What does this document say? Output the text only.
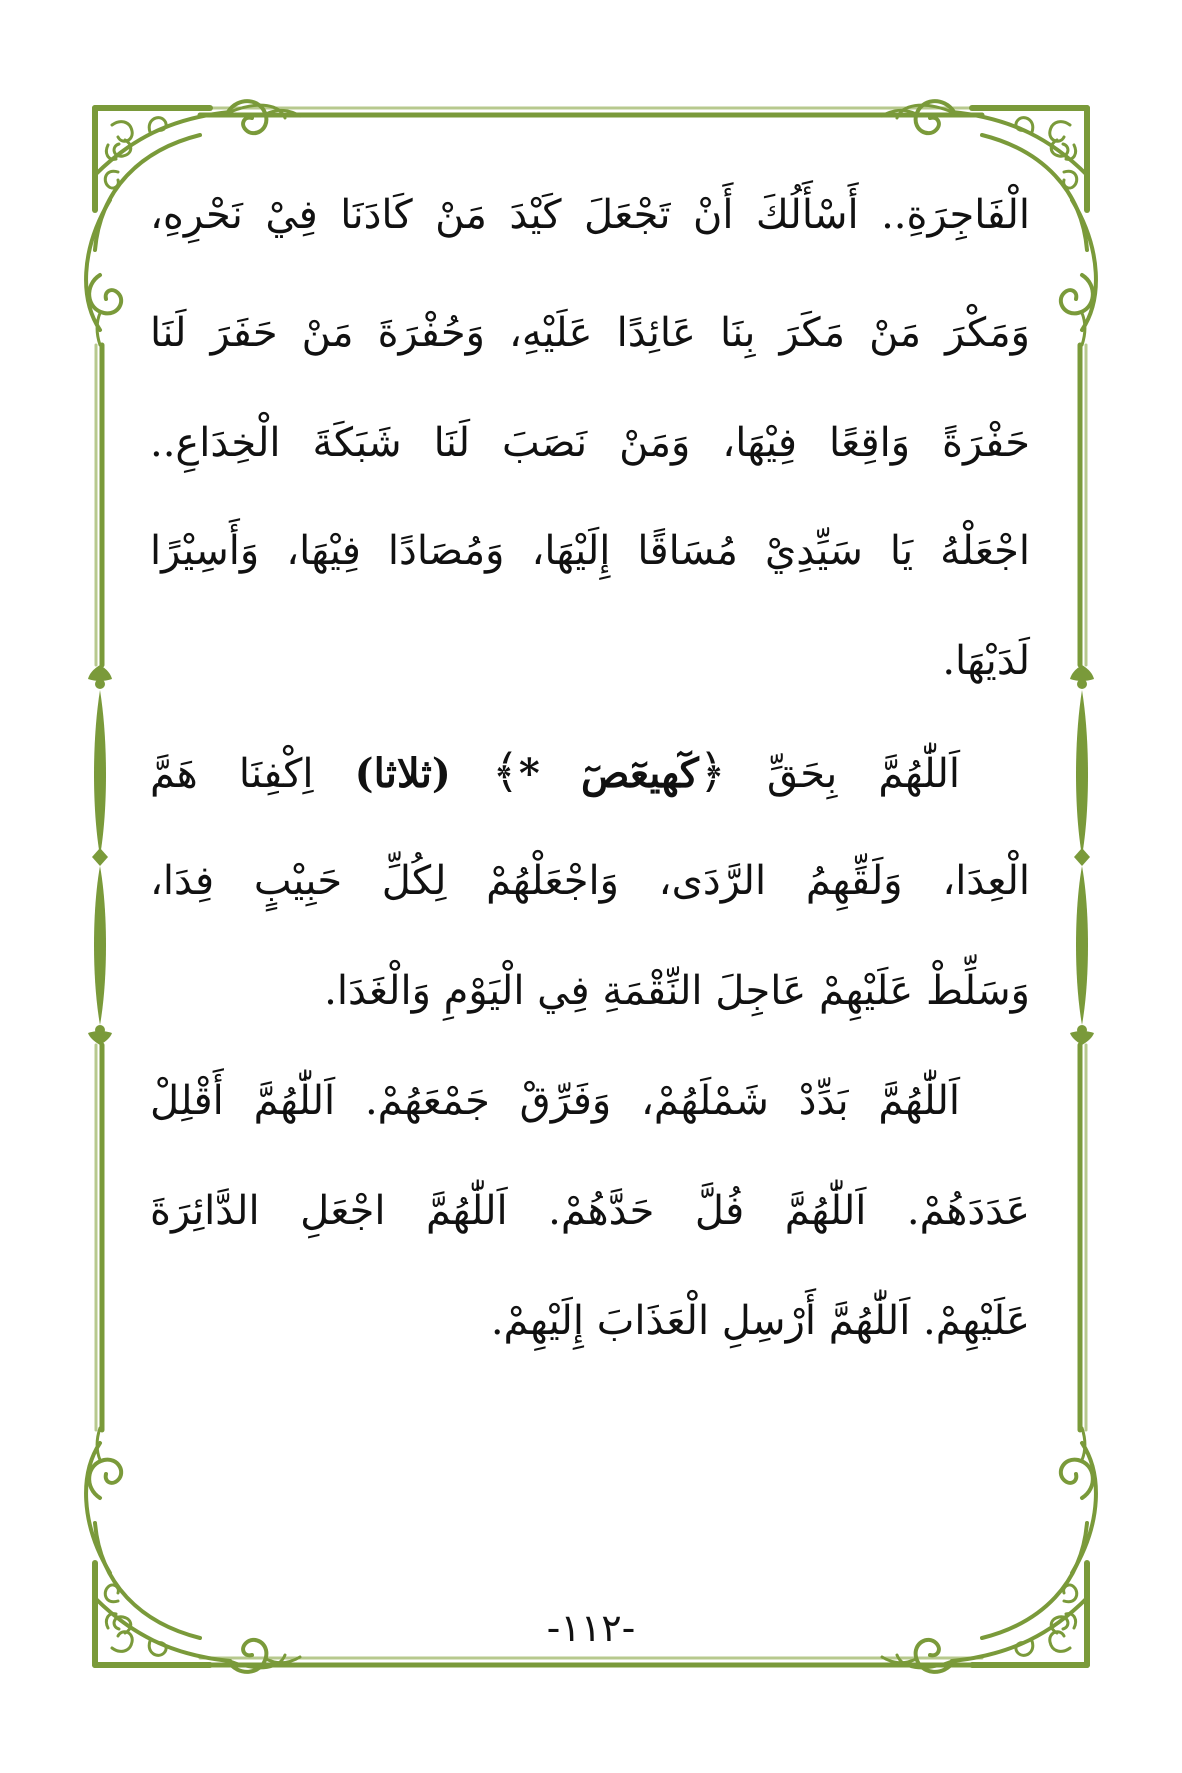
الْفَاجِرَةِ.. أَسْأَلُكَ أَنْ تَجْعَلَ كَيْدَ مَنْ كَادَنَا فِيْ نَحْرِهِ،
وَمَكْرَ مَنْ مَكَرَ بِنَا عَائِدًا عَلَيْهِ، وَحُفْرَةَ مَنْ حَفَرَ لَنَا
حَفْرَةً وَاقِعًا فِيْهَا، وَمَنْ نَصَبَ لَنَا شَبَكَةَ الْخِدَاعِ..
اجْعَلْهُ يَا سَيِّدِيْ مُسَاقًا إِلَيْهَا، وَمُصَادًا فِيْهَا، وَأَسِيْرًا
لَدَيْهَا.
اَللّٰهُمَّ بِحَقِّ ﴿كٓهيعٓصٓ *﴾ (ثلاثا) اِكْفِنَا هَمَّ
الْعِدَا، وَلَقِّهِمُ الرَّدَى، وَاجْعَلْهُمْ لِكُلِّ حَبِيْبٍ فِدَا،
وَسَلِّطْ عَلَيْهِمْ عَاجِلَ النِّقْمَةِ فِي الْيَوْمِ وَالْغَدَا.
اَللّٰهُمَّ بَدِّدْ شَمْلَهُمْ، وَفَرِّقْ جَمْعَهُمْ. اَللّٰهُمَّ أَقْلِلْ
عَدَدَهُمْ. اَللّٰهُمَّ فُلَّ حَدَّهُمْ. اَللّٰهُمَّ اجْعَلِ الدَّائِرَةَ
عَلَيْهِمْ. اَللّٰهُمَّ أَرْسِلِ الْعَذَابَ إِلَيْهِمْ.
-١١٢-
